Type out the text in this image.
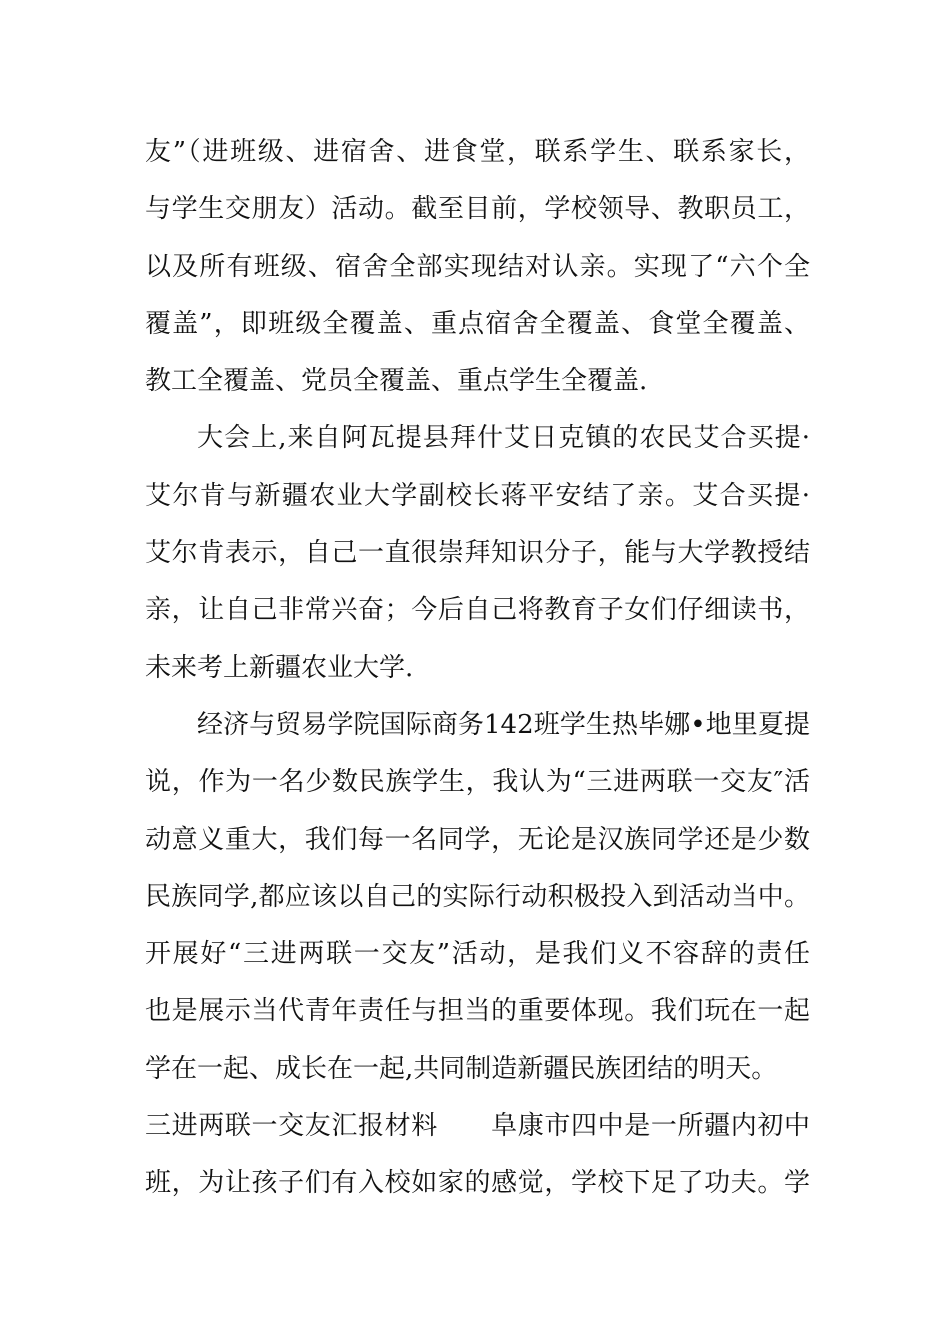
友”（进班级、进宿舍、进食堂，联系学生、联系家长，
与学生交朋友）活动。截至目前，学校领导、教职员工，
以及所有班级、宿舍全部实现结对认亲。实现了“六个全
覆盖”，即班级全覆盖、重点宿舍全覆盖、食堂全覆盖、
教工全覆盖、党员全覆盖、重点学生全覆盖.

大会上,来自阿瓦提县拜什艾日克镇的农民艾合买提·
艾尔肯与新疆农业大学副校长蒋平安结了亲。艾合买提·
艾尔肯表示，自己一直很崇拜知识分子，能与大学教授结
亲，让自己非常兴奋；今后自己将教育子女们仔细读书，
未来考上新疆农业大学.

经济与贸易学院国际商务142班学生热毕娜•地里夏提
说，作为一名少数民族学生，我认为“三进两联一交友″活
动意义重大，我们每一名同学，无论是汉族同学还是少数
民族同学,都应该以自己的实际行动积极投入到活动当中。
开展好“三进两联一交友”活动，是我们义不容辞的责任
也是展示当代青年责任与担当的重要体现。我们玩在一起
学在一起、成长在一起,共同制造新疆民族团结的明天。

三进两联一交友汇报材料　　阜康市四中是一所疆内初中
班，为让孩子们有入校如家的感觉，学校下足了功夫。学
